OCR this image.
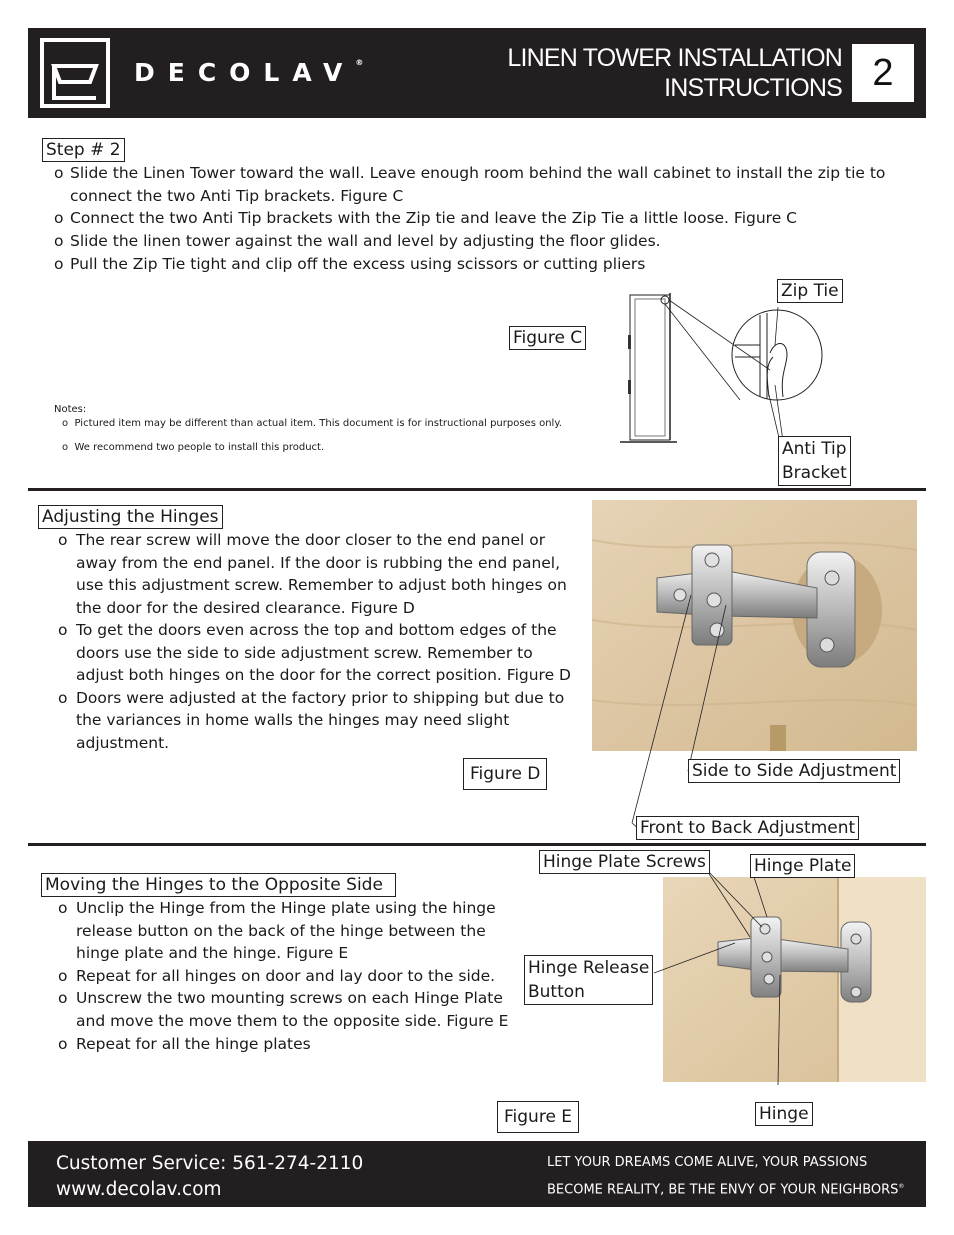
DECOLAV®	LINEN TOWER INSTALLATION
INSTRUCTIONS 2
Step # 2
o Slide the Linen Tower toward the wall. Leave enough room behind the wall cabinet to install the zip tie to connect the two Anti Tip brackets. Figure C
o Connect the two Anti Tip brackets with the Zip tie and leave the Zip Tie a little loose. Figure C
o Slide the linen tower against the wall and level by adjusting the floor glides.
o Pull the Zip Tie tight and clip off the excess using scissors or cutting pliers
Figure C
Zip Tie
Anti Tip
Bracket
Notes:
o Pictured item may be different than actual item. This document is for instructional purposes only.
o We recommend two people to install this product.
Adjusting the Hinges
o The rear screw will move the door closer to the end panel or away from the end panel. If the door is rubbing the end panel, use this adjustment screw. Remember to adjust both hinges on the door for the desired clearance. Figure D
o To get the doors even across the top and bottom edges of the doors use the side to side adjustment screw. Remember to adjust both hinges on the door for the correct position. Figure D
o Doors were adjusted at the factory prior to shipping but due to the variances in home walls the hinges may need slight adjustment.
Figure D	Side to Side Adjustment
Front to Back Adjustment
Moving the Hinges to the Opposite Side
o Unclip the Hinge from the Hinge plate using the hinge release button on the back of the hinge between the hinge plate and the hinge. Figure E
o Repeat for all hinges on door and lay door to the side.
o Unscrew the two mounting screws on each Hinge Plate and move the move them to the opposite side. Figure E
o Repeat for all the hinge plates
Hinge Plate Screws	Hinge Plate
Hinge Release
Button
Hinge
Figure E
Customer Service: 561-274-2110
www.decolav.com
LET YOUR DREAMS COME ALIVE, YOUR PASSIONS
BECOME REALITY, BE THE ENVY OF YOUR NEIGHBORS®
